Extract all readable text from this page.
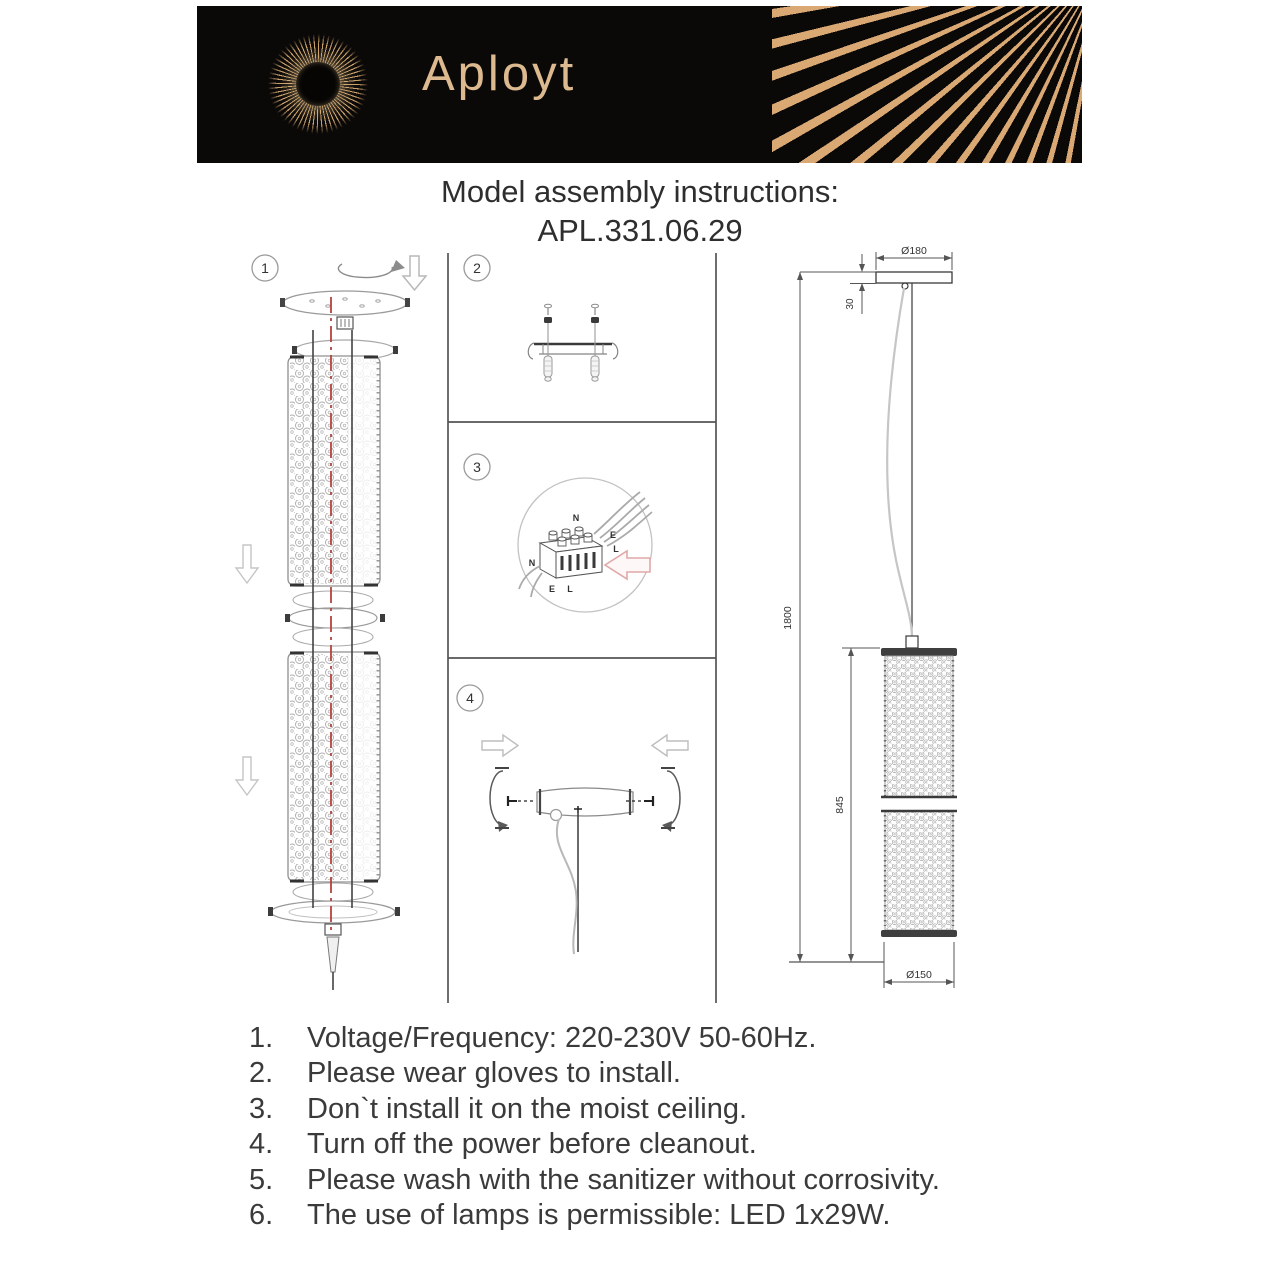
Aployt
Model assembly instructions:
APL.331.06.29
1	2
3
N
E
L
N
E L
4
Ø180
30
1800
845
Ø150
1.	Voltage/Frequency: 220-230V 50-60Hz.
2.	Please wear gloves to install.
3.	Don`t install it on the moist ceiling.
4.	Turn off the power before cleanout.
5.	Please wash with the sanitizer without corrosivity.
6.	The use of lamps is permissible: LED 1x29W.
